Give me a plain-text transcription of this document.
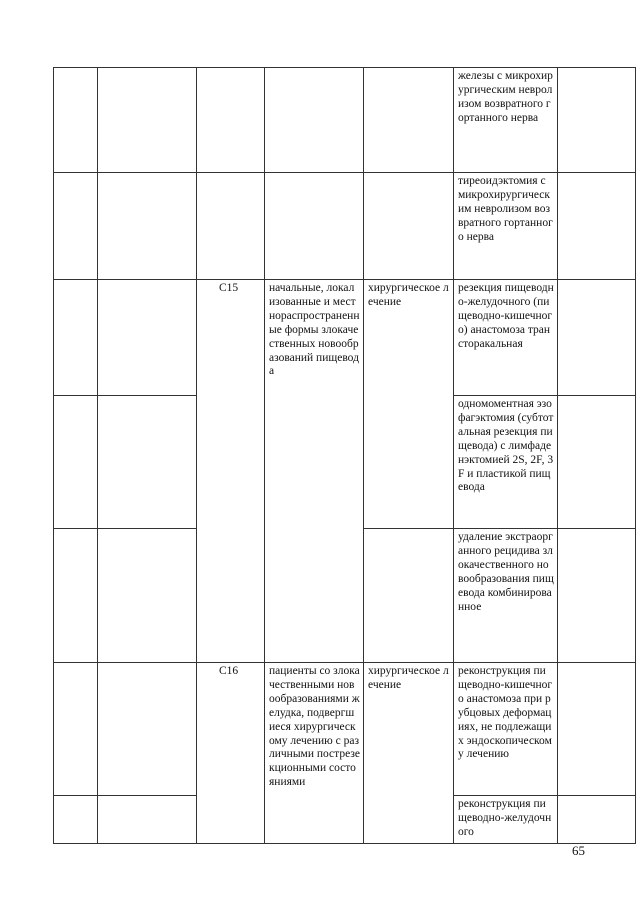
					железы с микрохирургическим невролизом возвратного гортанного нерва	
					тиреоидэктомия с микрохирургическим невролизом возвратного гортанного нерва	
		C15	начальные, локализованные и местнораспространенные формы злокачественных новообразований пищевода	хирургическое лечение	резекция пищеводно-желудочного (пищеводно-кишечного) анастомоза трансторакальная	
					одномоментная эзофагэктомия (субтотальная резекция пищевода) с лимфаденэктомией 2S, 2F, 3F и пластикой пищевода	
					удаление экстраорганного рецидива злокачественного новообразования пищевода комбинированное	
		C16	пациенты со злокачественными новообразованиями желудка, подвергшиеся хирургическому лечению с различными пострезекционными состояниями	хирургическое лечение	реконструкция пищеводно-кишечного анастомоза при рубцовых деформациях, не подлежащих эндоскопическому лечению	
					реконструкция пищеводно-желудочного	
65
